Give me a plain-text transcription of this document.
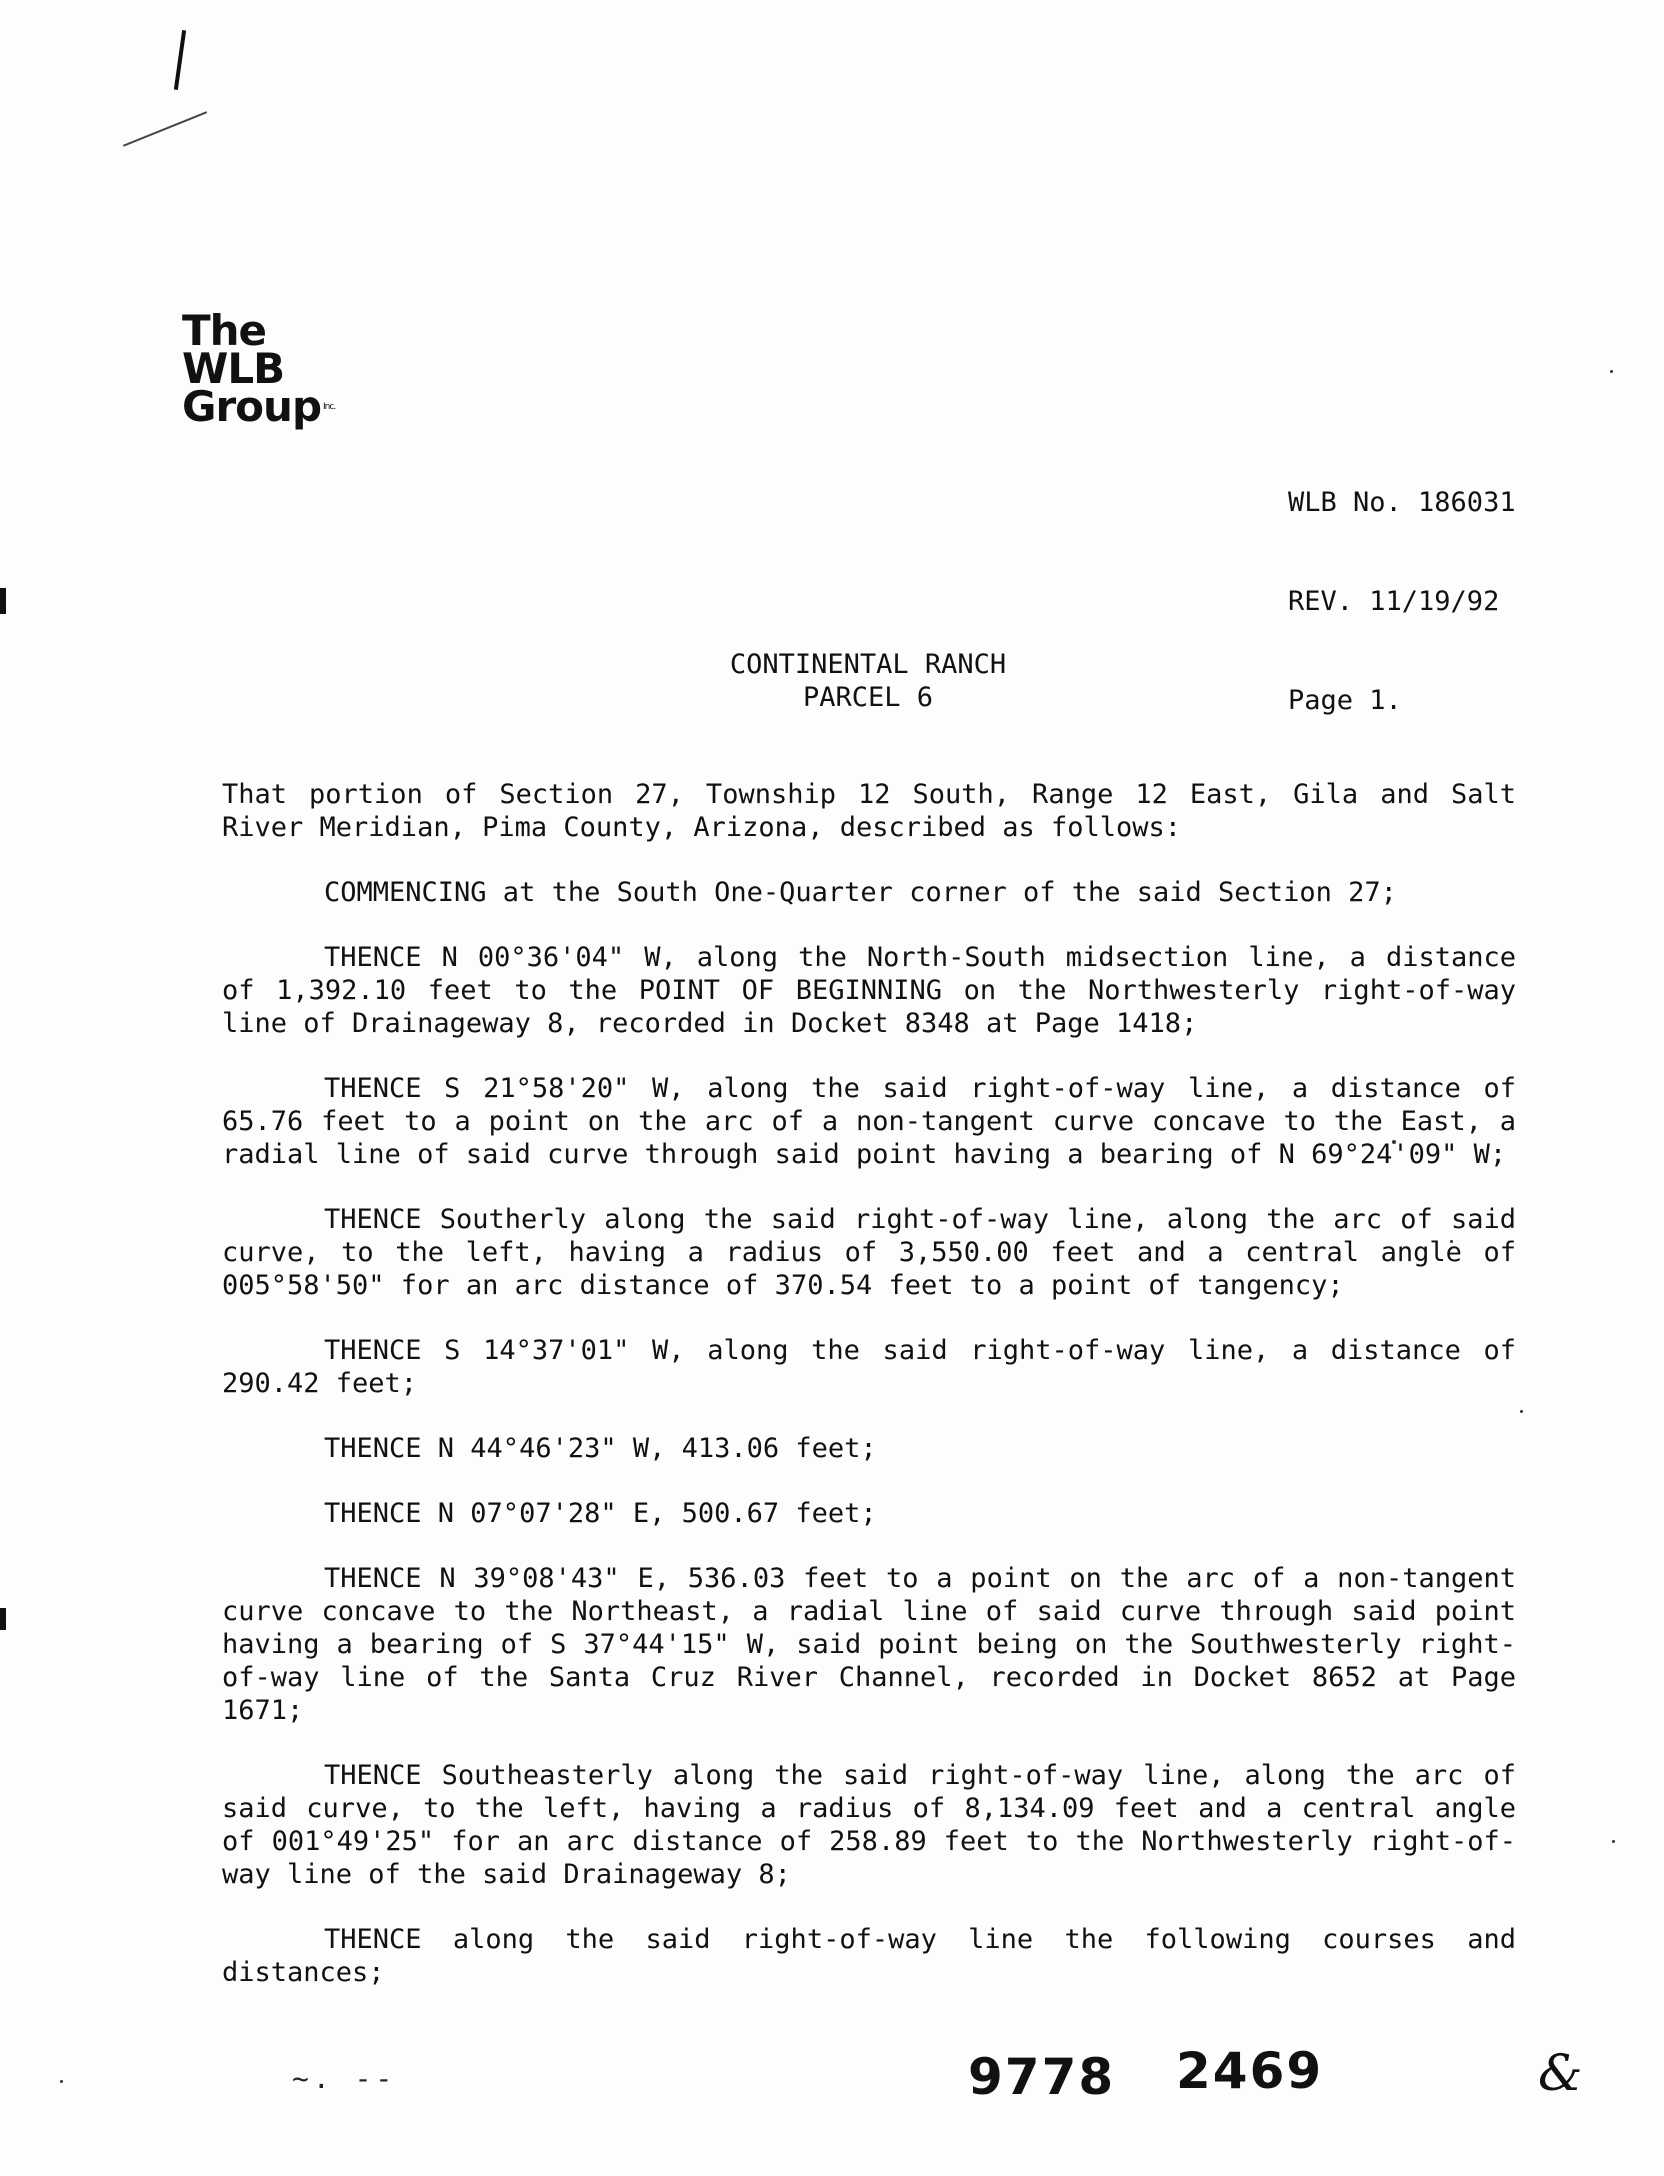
The
WLB
Group Inc.

WLB No. 186031

REV. 11/19/92

Page 1.

CONTINENTAL RANCH
PARCEL 6

That portion of Section 27, Township 12 South, Range 12 East, Gila and Salt River Meridian, Pima County, Arizona, described as follows:

COMMENCING at the South One-Quarter corner of the said Section 27;

THENCE N 00°36'04" W, along the North-South midsection line, a distance of 1,392.10 feet to the POINT OF BEGINNING on the Northwesterly right-of-way line of Drainageway 8, recorded in Docket 8348 at Page 1418;

THENCE S 21°58'20" W, along the said right-of-way line, a distance of 65.76 feet to a point on the arc of a non-tangent curve concave to the East, a radial line of said curve through said point having a bearing of N 69°24'09" W;

THENCE Southerly along the said right-of-way line, along the arc of said curve, to the left, having a radius of 3,550.00 feet and a central angle of 005°58'50" for an arc distance of 370.54 feet to a point of tangency;

THENCE S 14°37'01" W, along the said right-of-way line, a distance of 290.42 feet;

THENCE N 44°46'23" W, 413.06 feet;

THENCE N 07°07'28" E, 500.67 feet;

THENCE N 39°08'43" E, 536.03 feet to a point on the arc of a non-tangent curve concave to the Northeast, a radial line of said curve through said point having a bearing of S 37°44'15" W, said point being on the Southwesterly right-of-way line of the Santa Cruz River Channel, recorded in Docket 8652 at Page 1671;

THENCE Southeasterly along the said right-of-way line, along the arc of said curve, to the left, having a radius of 8,134.09 feet and a central angle of 001°49'25" for an arc distance of 258.89 feet to the Northwesterly right-of-way line of the said Drainageway 8;

THENCE along the said right-of-way line the following courses and distances;

~. --	9778 2469	&
